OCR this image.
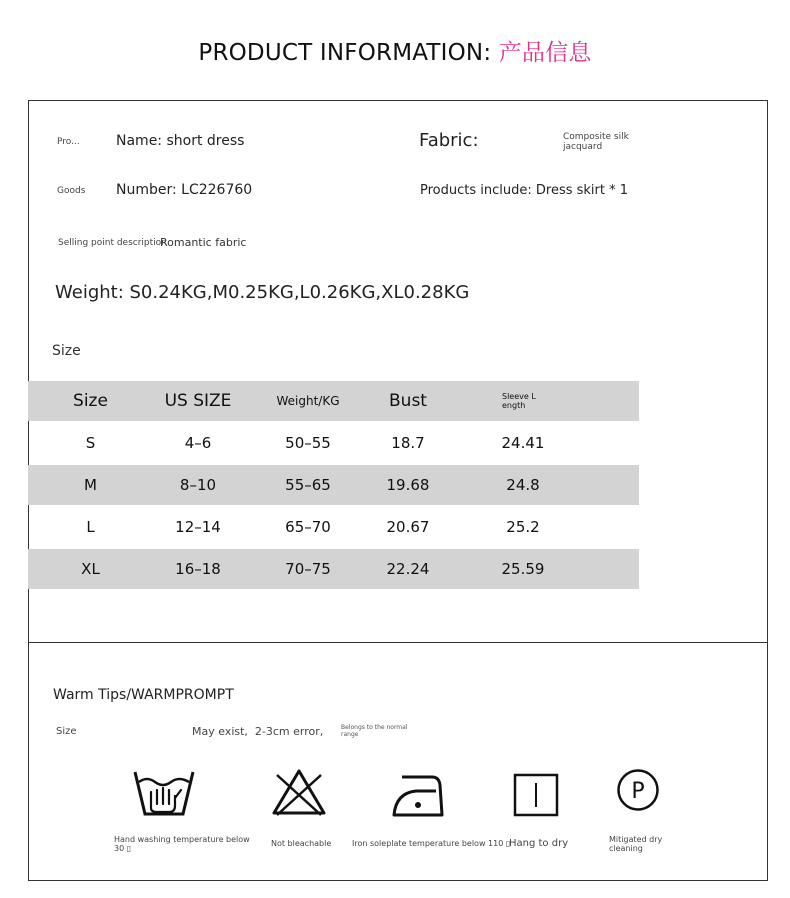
PRODUCT INFORMATION: 产品信息
Pro...	Name: short dress	Fabric:	Composite silk
jacquard
Goods Number: LC226760	Products include: Dress skirt * 1
Selling point descriptior
Romantic fabric
Weight: S0.24KG,M0.25KG,L0.26KG,XL0.28KG
Size
Size	US SIZE	Weight/KG	Bust	Sleeve L ength
S	4–6	50–55	18.7	24.41
M	8–10	55–65	19.68	24.8
L	12–14	65–70	20.67	25.2
XL	16–18	70–75	22.24	25.59
Warm Tips/WARMPROMPT
Size	May exist,  2-3cm error,	Belongs to the normal
range
P
Hand washing temperature below
30 ▯
Not bleachable	Iron soleplate temperature below 110 ▯
Hang to dry	Mitigated dry
cleaning
